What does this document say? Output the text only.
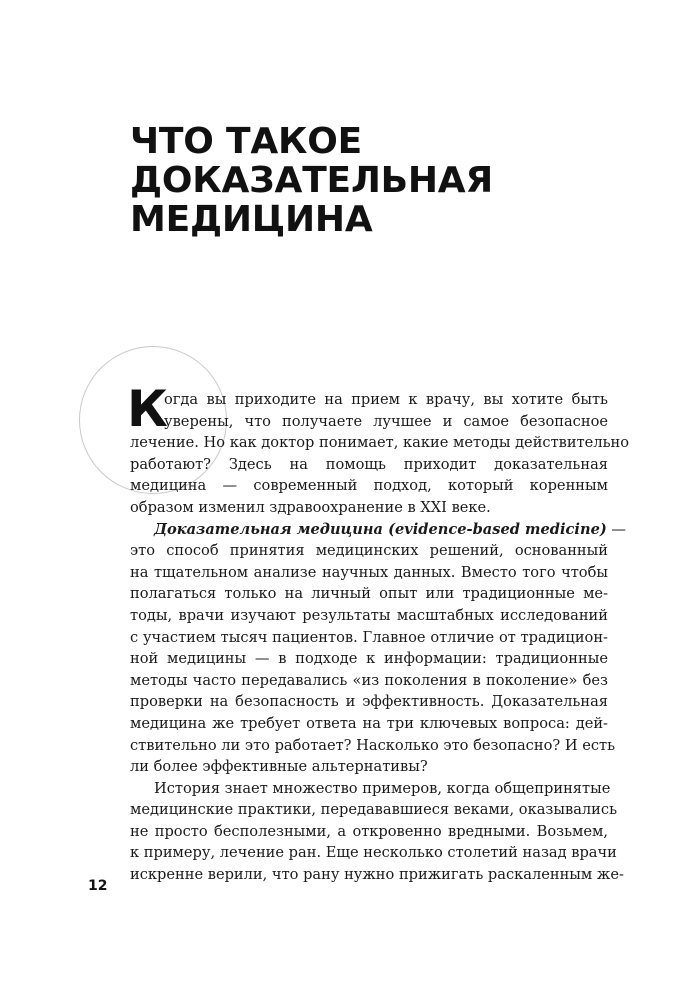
ЧТО ТАКОЕ
ДОКАЗАТЕЛЬНАЯ
МЕДИЦИНА
К
огда вы приходите на прием к врачу, вы хотите быть
уверены, что получаете лучшее и самое безопасное
лечение. Но как доктор понимает, какие методы действительно
работают? Здесь на помощь приходит доказательная
медицина — современный подход, который коренным
образом изменил здравоохранение в XXI веке.
Доказательная медицина (evidence-based medicine) —
это способ принятия медицинских решений, основанный
на тщательном анализе научных данных. Вместо того чтобы
полагаться только на личный опыт или традиционные ме-
тоды, врачи изучают результаты масштабных исследований
с участием тысяч пациентов. Главное отличие от традицион-
ной медицины — в подходе к информации: традиционные
методы часто передавались «из поколения в поколение» без
проверки на безопасность и эффективность. Доказательная
медицина же требует ответа на три ключевых вопроса: дей-
ствительно ли это работает? Насколько это безопасно? И есть
ли более эффективные альтернативы?
История знает множество примеров, когда общепринятые
медицинские практики, передававшиеся веками, оказывались
не просто бесполезными, а откровенно вредными. Возьмем,
к примеру, лечение ран. Еще несколько столетий назад врачи
искренне верили, что рану нужно прижигать раскаленным же-
12
